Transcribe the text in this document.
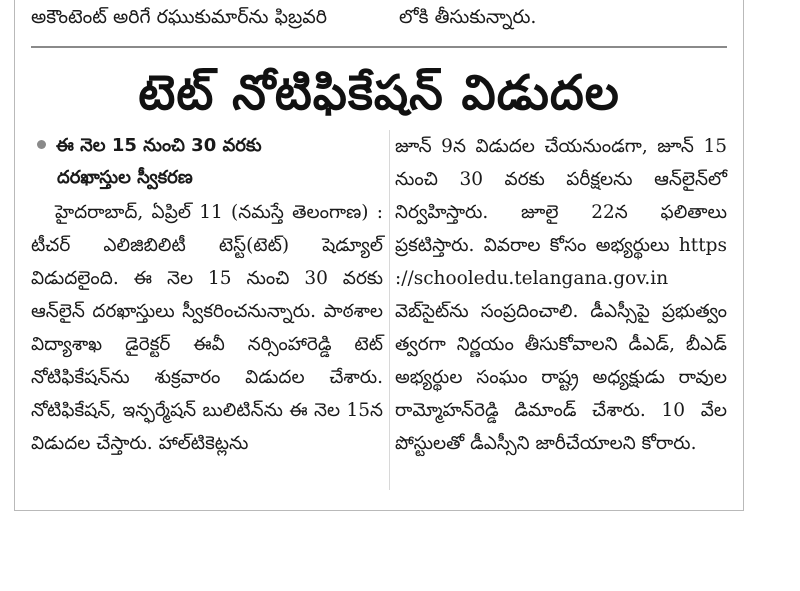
అకౌంటెంట్ అరిగే రఘుకుమార్‌ను ఫిబ్రవరి	లోకి తీసుకున్నారు.
టెట్ నోటిఫికేషన్ విడుదల
ఈ నెల 15 నుంచి 30 వరకు
దరఖాస్తుల స్వీకరణ

హైదరాబాద్, ఏప్రిల్ 11 (నమస్తే తెలంగాణ) : టీచర్ ఎలిజిబిలిటీ టెస్ట్(టెట్) షెడ్యూల్ విడుదలైంది. ఈ నెల 15 నుంచి 30 వరకు ఆన్‌లైన్ దరఖాస్తులు స్వీకరించనున్నారు. పాఠశాల విద్యాశాఖ డైరెక్టర్ ఈవీ నర్సింహారెడ్డి టెట్ నోటిఫికేషన్‌ను శుక్రవారం విడుదల చేశారు. నోటిఫికేషన్, ఇన్ఫర్మేషన్ బులిటిన్‌ను ఈ నెల 15న విడుదల చేస్తారు. హాల్‌టికెట్లను

జూన్ 9న విడుదల చేయనుండగా, జూన్ 15 నుంచి 30 వరకు పరీక్షలను ఆన్‌లైన్‌లో నిర్వహిస్తారు. జూలై 22న ఫలితాలు ప్రకటిస్తారు. వివరాల కోసం అభ్యర్థులు https ://schooledu.telangana.gov.in వెబ్‌సైట్‌ను సంప్రదించాలి. డీఎస్సీపై ప్రభుత్వం త్వరగా నిర్ణయం తీసుకోవాలని డీఎడ్, బీఎడ్ అభ్యర్థుల సంఘం రాష్ట్ర అధ్యక్షుడు రావుల రామ్మోహన్‌రెడ్డి డిమాండ్ చేశారు. 10 వేల పోస్టులతో డీఎస్సీని జారీచేయాలని కోరారు.
